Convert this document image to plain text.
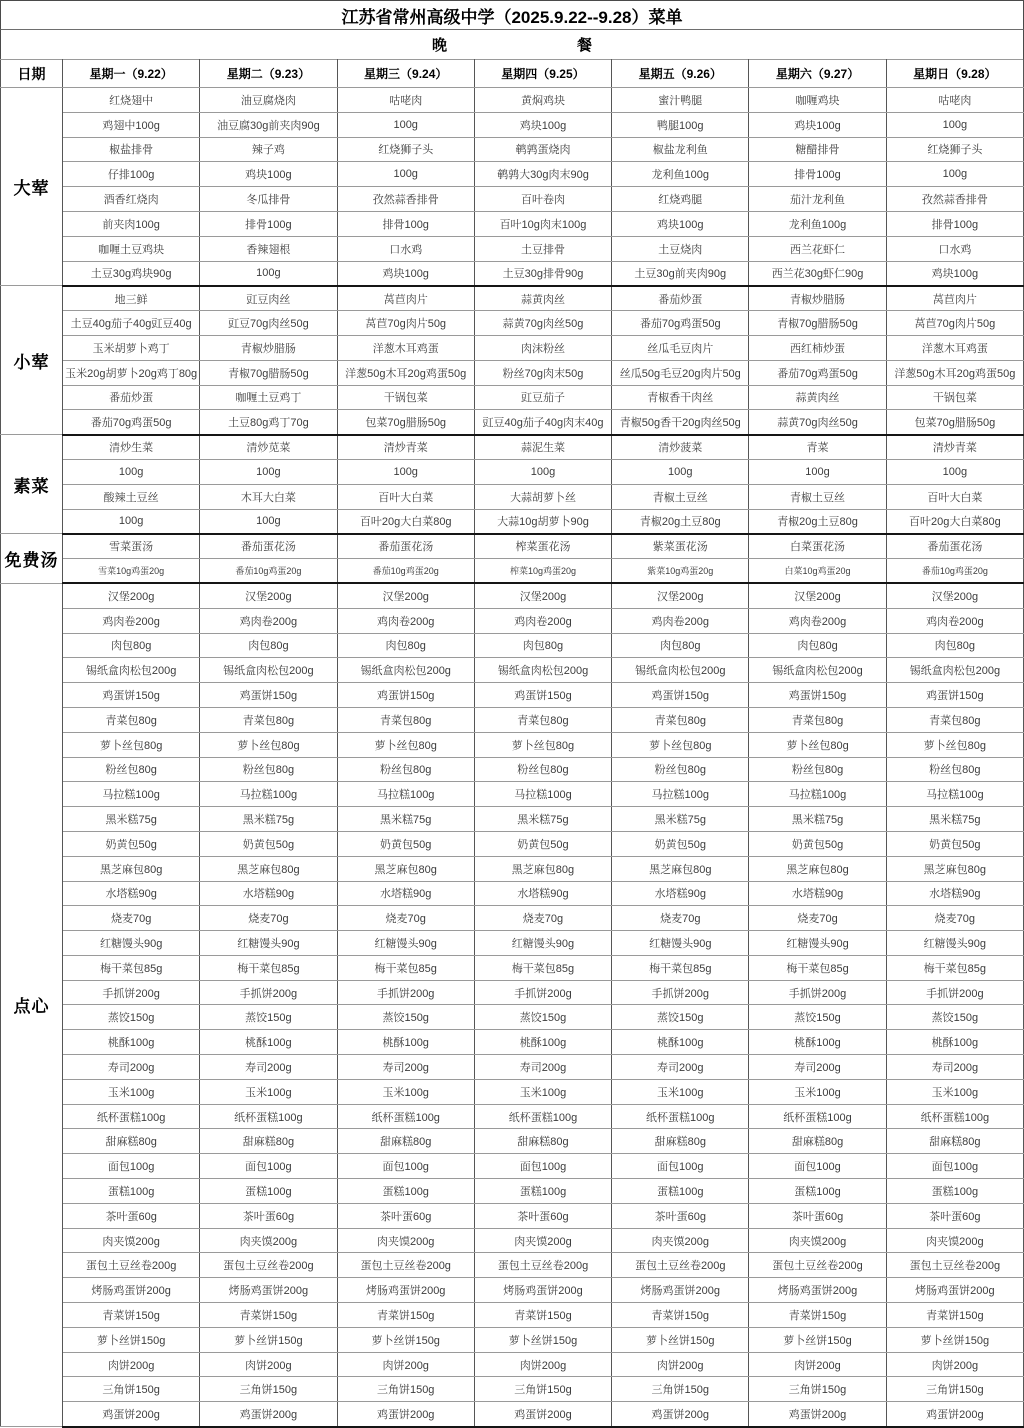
江苏省常州高级中学（2025.9.22--9.28）菜单
晚	餐
日期	星期一（9.22）	星期二（9.23）	星期三（9.24）	星期四（9.25）	星期五（9.26）	星期六（9.27）	星期日（9.28）
大荤	红烧翅中	油豆腐烧肉	咕咾肉	黄焖鸡块	蜜汁鸭腿	咖喱鸡块	咕咾肉
	鸡翅中100g	油豆腐30g前夹肉90g	100g	鸡块100g	鸭腿100g	鸡块100g	100g
	椒盐排骨	辣子鸡	红烧狮子头	鹌鹑蛋烧肉	椒盐龙利鱼	糖醋排骨	红烧狮子头
	仔排100g	鸡块100g	100g	鹌鹑大30g肉末90g	龙利鱼100g	排骨100g	100g
	酒香红烧肉	冬瓜排骨	孜然蒜香排骨	百叶卷肉	红烧鸡腿	茄汁龙利鱼	孜然蒜香排骨
	前夹肉100g	排骨100g	排骨100g	百叶10g肉末100g	鸡块100g	龙利鱼100g	排骨100g
	咖喱土豆鸡块	香辣翅根	口水鸡	土豆排骨	土豆烧肉	西兰花虾仁	口水鸡
	土豆30g鸡块90g	100g	鸡块100g	土豆30g排骨90g	土豆30g前夹肉90g	西兰花30g虾仁90g	鸡块100g
小荤	地三鲜	豇豆肉丝	莴苣肉片	蒜黄肉丝	番茄炒蛋	青椒炒腊肠	莴苣肉片
	土豆40g茄子40g豇豆40g	豇豆70g肉丝50g	莴苣70g肉片50g	蒜黄70g肉丝50g	番茄70g鸡蛋50g	青椒70g腊肠50g	莴苣70g肉片50g
	玉米胡萝卜鸡丁	青椒炒腊肠	洋葱木耳鸡蛋	肉沫粉丝	丝瓜毛豆肉片	西红柿炒蛋	洋葱木耳鸡蛋
	玉米20g胡萝卜20g鸡丁80g	青椒70g腊肠50g	洋葱50g木耳20g鸡蛋50g	粉丝70g肉末50g	丝瓜50g毛豆20g肉片50g	番茄70g鸡蛋50g	洋葱50g木耳20g鸡蛋50g
	番茄炒蛋	咖喱土豆鸡丁	干锅包菜	豇豆茄子	青椒香干肉丝	蒜黄肉丝	干锅包菜
	番茄70g鸡蛋50g	土豆80g鸡丁70g	包菜70g腊肠50g	豇豆40g茄子40g肉末40g	青椒50g香干20g肉丝50g	蒜黄70g肉丝50g	包菜70g腊肠50g
素菜	清炒生菜	清炒苋菜	清炒青菜	蒜泥生菜	清炒菠菜	青菜	清炒青菜
	100g	100g	100g	100g	100g	100g	100g
	酸辣土豆丝	木耳大白菜	百叶大白菜	大蒜胡萝卜丝	青椒土豆丝	青椒土豆丝	百叶大白菜
	100g	100g	百叶20g大白菜80g	大蒜10g胡萝卜90g	青椒20g土豆80g	青椒20g土豆80g	百叶20g大白菜80g
免费汤	雪菜蛋汤	番茄蛋花汤	番茄蛋花汤	榨菜蛋花汤	紫菜蛋花汤	白菜蛋花汤	番茄蛋花汤
	雪菜10g鸡蛋20g	番茄10g鸡蛋20g	番茄10g鸡蛋20g	榨菜10g鸡蛋20g	紫菜10g鸡蛋20g	白菜10g鸡蛋20g	番茄10g鸡蛋20g
点心	汉堡200g	汉堡200g	汉堡200g	汉堡200g	汉堡200g	汉堡200g	汉堡200g
	鸡肉卷200g	鸡肉卷200g	鸡肉卷200g	鸡肉卷200g	鸡肉卷200g	鸡肉卷200g	鸡肉卷200g
	肉包80g	肉包80g	肉包80g	肉包80g	肉包80g	肉包80g	肉包80g
	锡纸盒肉松包200g	锡纸盒肉松包200g	锡纸盒肉松包200g	锡纸盒肉松包200g	锡纸盒肉松包200g	锡纸盒肉松包200g	锡纸盒肉松包200g
	鸡蛋饼150g	鸡蛋饼150g	鸡蛋饼150g	鸡蛋饼150g	鸡蛋饼150g	鸡蛋饼150g	鸡蛋饼150g
	青菜包80g	青菜包80g	青菜包80g	青菜包80g	青菜包80g	青菜包80g	青菜包80g
	萝卜丝包80g	萝卜丝包80g	萝卜丝包80g	萝卜丝包80g	萝卜丝包80g	萝卜丝包80g	萝卜丝包80g
	粉丝包80g	粉丝包80g	粉丝包80g	粉丝包80g	粉丝包80g	粉丝包80g	粉丝包80g
	马拉糕100g	马拉糕100g	马拉糕100g	马拉糕100g	马拉糕100g	马拉糕100g	马拉糕100g
	黑米糕75g	黑米糕75g	黑米糕75g	黑米糕75g	黑米糕75g	黑米糕75g	黑米糕75g
	奶黄包50g	奶黄包50g	奶黄包50g	奶黄包50g	奶黄包50g	奶黄包50g	奶黄包50g
	黑芝麻包80g	黑芝麻包80g	黑芝麻包80g	黑芝麻包80g	黑芝麻包80g	黑芝麻包80g	黑芝麻包80g
	水塔糕90g	水塔糕90g	水塔糕90g	水塔糕90g	水塔糕90g	水塔糕90g	水塔糕90g
	烧麦70g	烧麦70g	烧麦70g	烧麦70g	烧麦70g	烧麦70g	烧麦70g
	红糖馒头90g	红糖馒头90g	红糖馒头90g	红糖馒头90g	红糖馒头90g	红糖馒头90g	红糖馒头90g
	梅干菜包85g	梅干菜包85g	梅干菜包85g	梅干菜包85g	梅干菜包85g	梅干菜包85g	梅干菜包85g
	手抓饼200g	手抓饼200g	手抓饼200g	手抓饼200g	手抓饼200g	手抓饼200g	手抓饼200g
	蒸饺150g	蒸饺150g	蒸饺150g	蒸饺150g	蒸饺150g	蒸饺150g	蒸饺150g
	桃酥100g	桃酥100g	桃酥100g	桃酥100g	桃酥100g	桃酥100g	桃酥100g
	寿司200g	寿司200g	寿司200g	寿司200g	寿司200g	寿司200g	寿司200g
	玉米100g	玉米100g	玉米100g	玉米100g	玉米100g	玉米100g	玉米100g
	纸杯蛋糕100g	纸杯蛋糕100g	纸杯蛋糕100g	纸杯蛋糕100g	纸杯蛋糕100g	纸杯蛋糕100g	纸杯蛋糕100g
	甜麻糕80g	甜麻糕80g	甜麻糕80g	甜麻糕80g	甜麻糕80g	甜麻糕80g	甜麻糕80g
	面包100g	面包100g	面包100g	面包100g	面包100g	面包100g	面包100g
	蛋糕100g	蛋糕100g	蛋糕100g	蛋糕100g	蛋糕100g	蛋糕100g	蛋糕100g
	茶叶蛋60g	茶叶蛋60g	茶叶蛋60g	茶叶蛋60g	茶叶蛋60g	茶叶蛋60g	茶叶蛋60g
	肉夹馍200g	肉夹馍200g	肉夹馍200g	肉夹馍200g	肉夹馍200g	肉夹馍200g	肉夹馍200g
	蛋包土豆丝卷200g	蛋包土豆丝卷200g	蛋包土豆丝卷200g	蛋包土豆丝卷200g	蛋包土豆丝卷200g	蛋包土豆丝卷200g	蛋包土豆丝卷200g
	烤肠鸡蛋饼200g	烤肠鸡蛋饼200g	烤肠鸡蛋饼200g	烤肠鸡蛋饼200g	烤肠鸡蛋饼200g	烤肠鸡蛋饼200g	烤肠鸡蛋饼200g
	青菜饼150g	青菜饼150g	青菜饼150g	青菜饼150g	青菜饼150g	青菜饼150g	青菜饼150g
	萝卜丝饼150g	萝卜丝饼150g	萝卜丝饼150g	萝卜丝饼150g	萝卜丝饼150g	萝卜丝饼150g	萝卜丝饼150g
	肉饼200g	肉饼200g	肉饼200g	肉饼200g	肉饼200g	肉饼200g	肉饼200g
	三角饼150g	三角饼150g	三角饼150g	三角饼150g	三角饼150g	三角饼150g	三角饼150g
	鸡蛋饼200g	鸡蛋饼200g	鸡蛋饼200g	鸡蛋饼200g	鸡蛋饼200g	鸡蛋饼200g	鸡蛋饼200g
